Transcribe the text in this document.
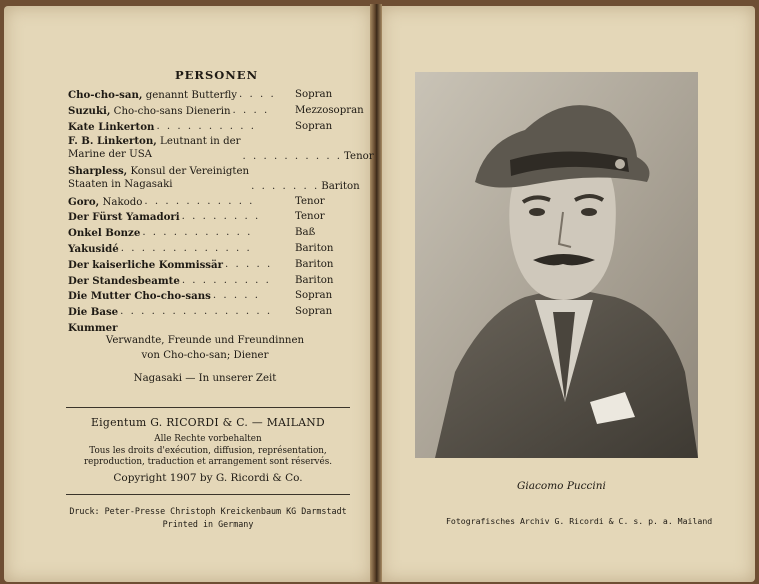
PERSONEN
Cho-cho-san, genannt Butterfly . . . .	Sopran
Suzuki, Cho-cho-sans Dienerin . . . .	Mezzosopran
Kate Linkerton . . . . . . . . . .	Sopran
F. B. Linkerton, Leutnant in der
Marine der USA	. . . . . . . . . . Tenor
Sharpless, Konsul der Vereinigten
Staaten in Nagasaki	. . . . . . . Bariton
Goro, Nakodo . . . . . . . . . . .	Tenor
Der Fürst Yamadori . . . . . . . .	Tenor
Onkel Bonze . . . . . . . . . . .	Baß
Yakusidé . . . . . . . . . . . . .	Bariton
Der kaiserliche Kommissär . . . . .	Bariton
Der Standesbeamte . . . . . . . . .	Bariton
Die Mutter Cho-cho-sans . . . . .	Sopran
Die Base . . . . . . . . . . . . . . .	Sopran
Kummer
Verwandte, Freunde und Freundinnen
von Cho-cho-san; Diener
Nagasaki — In unserer Zeit
Eigentum G. RICORDI & C. — MAILAND
Alle Rechte vorbehalten
Tous les droits d'exécution, diffusion, représentation,
reproduction, traduction et arrangement sont réservés.
Copyright 1907 by G. Ricordi & Co.
Druck: Peter-Presse Christoph Kreickenbaum KG Darmstadt
Printed in Germany
Giacomo Puccini
Fotografisches Archiv G. Ricordi & C. s. p. a. Mailand
